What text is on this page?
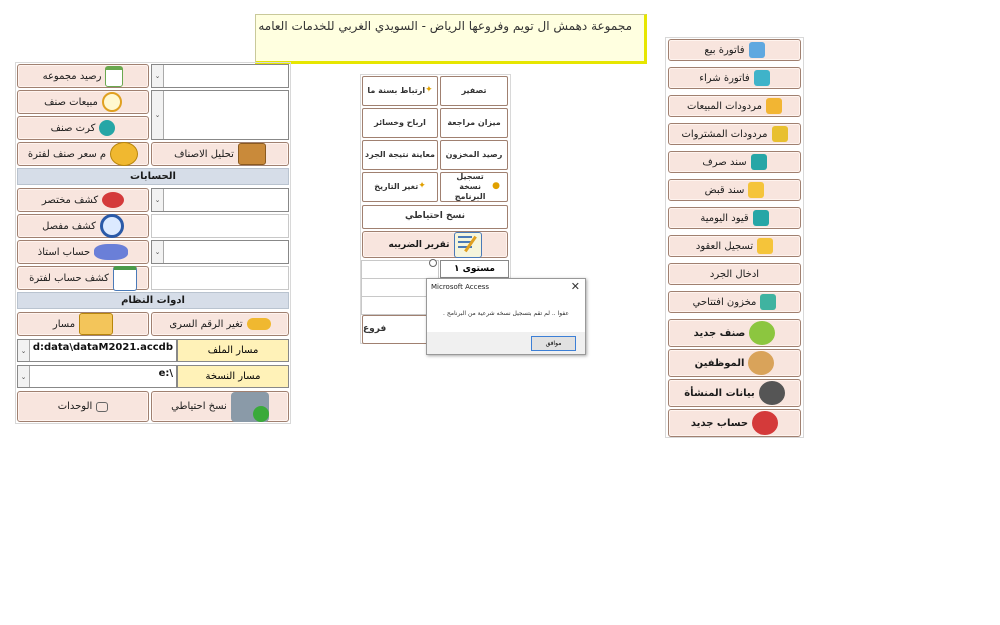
مجموعة دهمش ال تويم وفروعها الرياض - السويدي الغربي للخدمات العامه
فاتورة بيع
فاتورة شراء
مردودات المبيعات
مردودات المشتروات
سند صرف
سند قبض
قيود اليومية
تسجيل العقود
ادخال الجرد
مخزون افتتاحي
صنف جديد
الموظفين
بيانات المنشأة
حساب جديد
✦
ارتباط بسنة ما	تصفير
ارباح وخسائر	ميزان مراجعة
معاينة نتيجة الجرد رصيد المخزون
✦
تغير التاريخ	●
تسجيل نسخة البرنامج
نسخ احتياطي
تقرير الضريبه
مستوى ١
فروع
Microsoft Access	✕
عفوا .. لم تقم بتسجيل نسخه شرعية من البرنامج .
موافق
رصيد مجموعه	⌄
مبيعات صنف
⌄
كرت صنف
تحليل الاصناف
م سعر صنف لفترة
الحسابات
كشف مختصر	⌄
كشف مفصل
حساب استاذ	⌄
كشف حساب لفترة
ادوات النظام
تغير الرقم السرى
مسار
مسار الملف
⌄ d:data\dataM2021.accdb
مسار النسخة
⌄	e:\
نسخ احتياطي
الوحدات
